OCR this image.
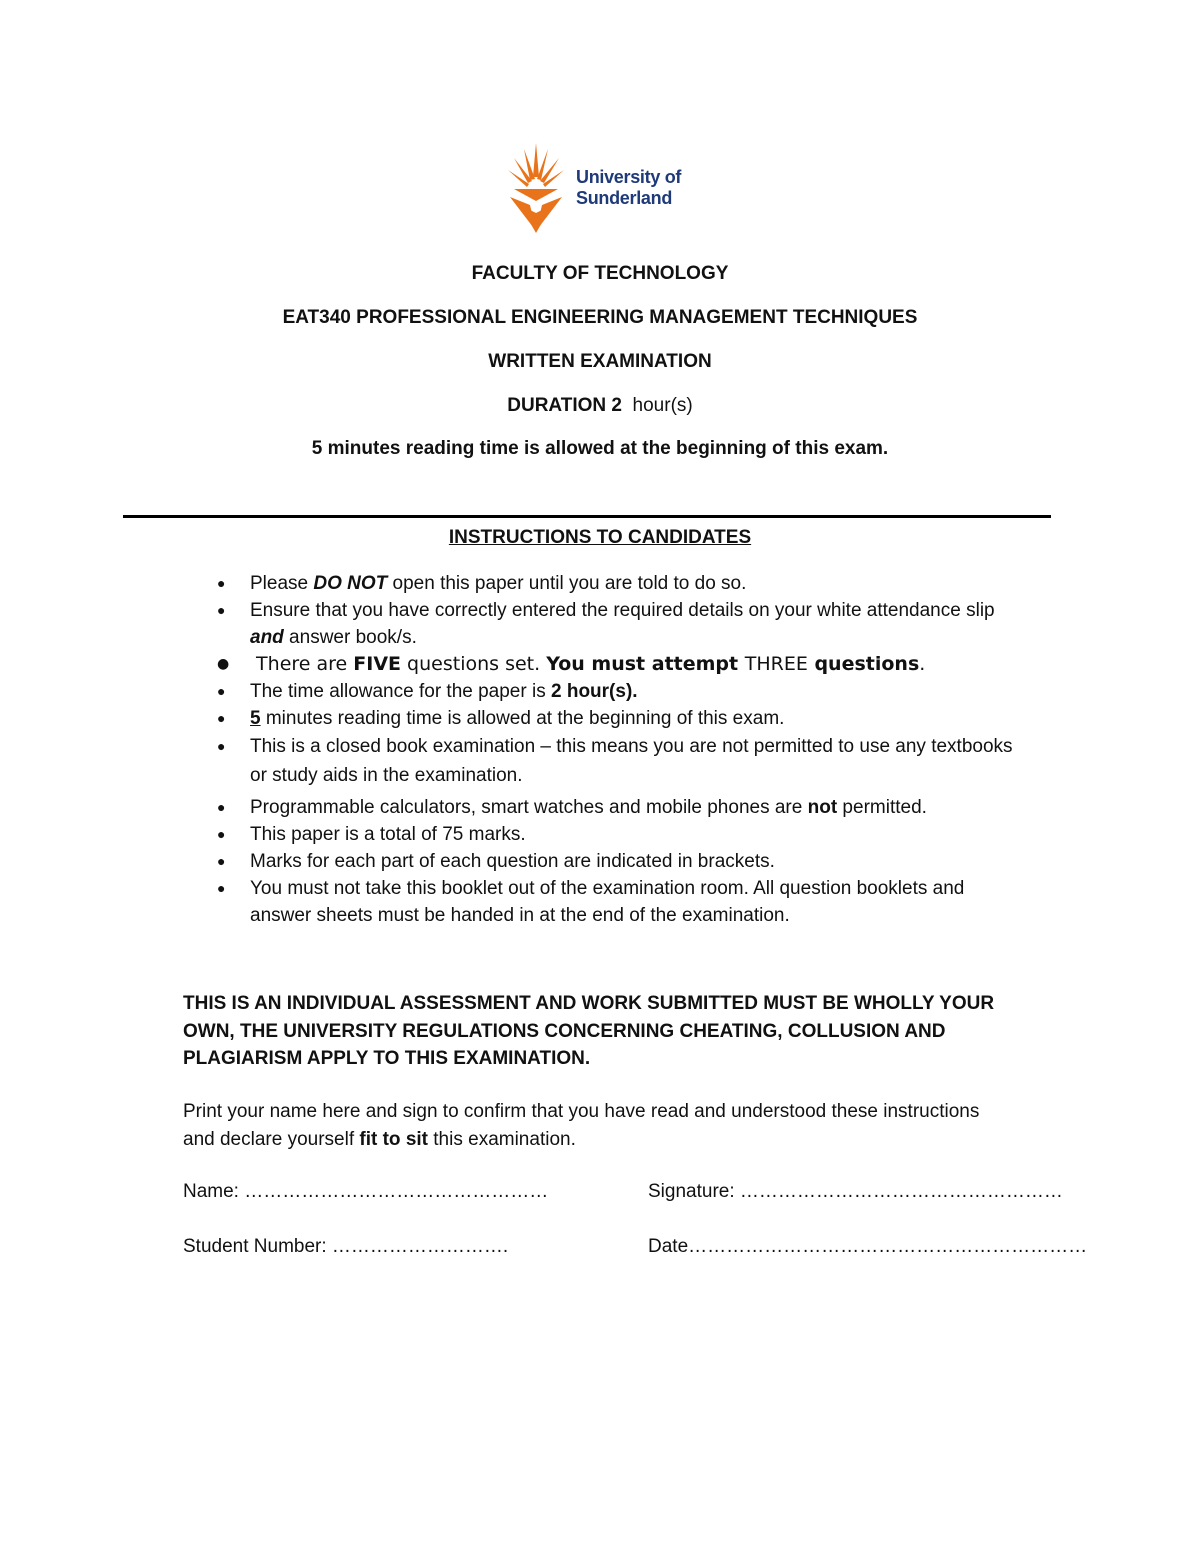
University of
Sunderland
FACULTY OF TECHNOLOGY
EAT340 PROFESSIONAL ENGINEERING MANAGEMENT TECHNIQUES
WRITTEN EXAMINATION
DURATION 2 hour(s)
5 minutes reading time is allowed at the beginning of this exam.
INSTRUCTIONS TO CANDIDATES
● Please DO NOT open this paper until you are told to do so.
● Ensure that you have correctly entered the required details on your white attendance slip and answer book/s.
● There are FIVE questions set. You must attempt THREE questions.
● The time allowance for the paper is 2 hour(s).
● 5 minutes reading time is allowed at the beginning of this exam.
● This is a closed book examination – this means you are not permitted to use any textbooks or study aids in the examination.
● Programmable calculators, smart watches and mobile phones are not permitted.
● This paper is a total of 75 marks.
● Marks for each part of each question are indicated in brackets.
● You must not take this booklet out of the examination room. All question booklets and answer sheets must be handed in at the end of the examination.
THIS IS AN INDIVIDUAL ASSESSMENT AND WORK SUBMITTED MUST BE WHOLLY YOUR OWN, THE UNIVERSITY REGULATIONS CONCERNING CHEATING, COLLUSION AND PLAGIARISM APPLY TO THIS EXAMINATION.
Print your name here and sign to confirm that you have read and understood these instructions and declare yourself fit to sit this examination.
Name: …………………………………………	Signature: ……………………………………………
Student Number: ……………………….	Date………………………………………………………
